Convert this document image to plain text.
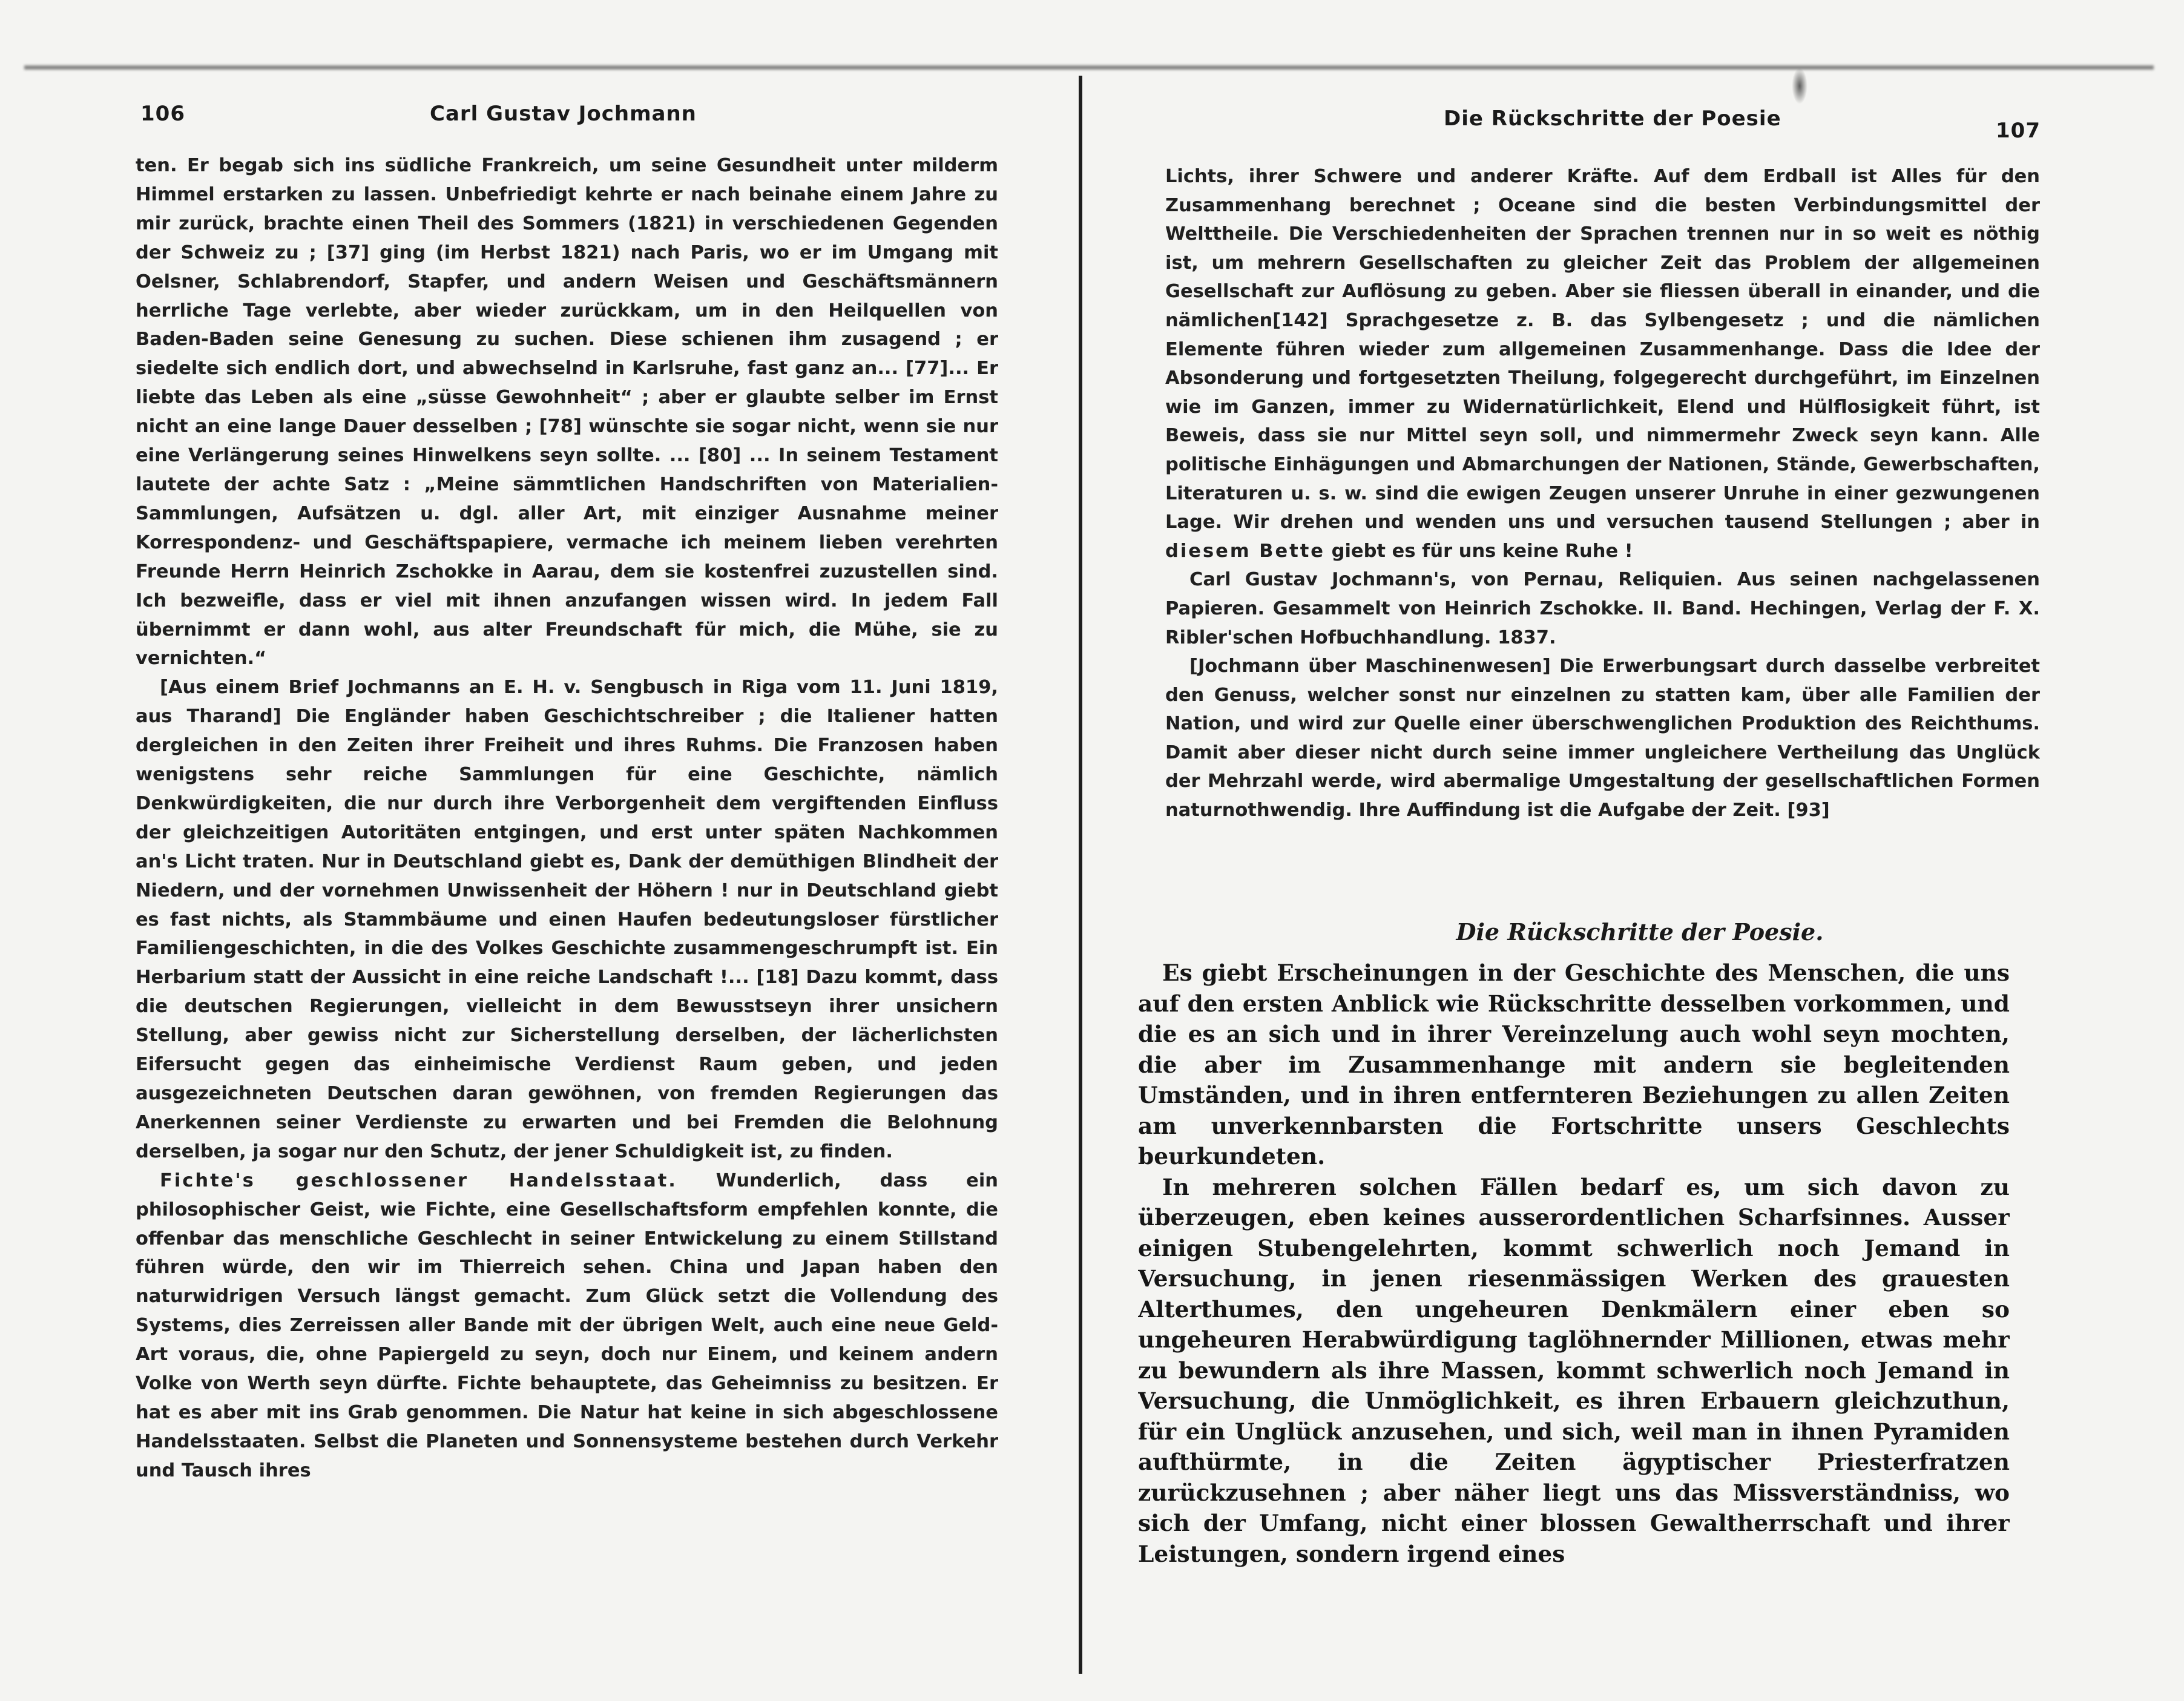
106	Carl Gustav Jochmann

ten. Er begab sich ins südliche Frankreich, um seine Gesundheit unter milderm Himmel erstarken zu lassen. Unbefriedigt kehrte er nach beinahe einem Jahre zu mir zurück, brachte einen Theil des Sommers (1821) in verschiedenen Gegenden der Schweiz zu ; [37] ging (im Herbst 1821) nach Paris, wo er im Umgang mit Oelsner, Schlabrendorf, Stapfer, und andern Weisen und Geschäftsmännern herrliche Tage verlebte, aber wieder zurückkam, um in den Heilquellen von Baden-Baden seine Genesung zu suchen. Diese schienen ihm zusagend ; er siedelte sich endlich dort, und abwechselnd in Karlsruhe, fast ganz an... [77]... Er liebte das Leben als eine „süsse Gewohnheit“ ; aber er glaubte selber im Ernst nicht an eine lange Dauer desselben ; [78] wünschte sie sogar nicht, wenn sie nur eine Verlängerung seines Hinwelkens seyn sollte. ... [80] ... In seinem Testament lautete der achte Satz : „Meine sämmtlichen Handschriften von Materialien-Sammlungen, Aufsätzen u. dgl. aller Art, mit einziger Ausnahme meiner Korrespondenz- und Geschäftspapiere, vermache ich meinem lieben verehrten Freunde Herrn Heinrich Zschokke in Aarau, dem sie kostenfrei zuzustellen sind. Ich bezweifle, dass er viel mit ihnen anzufangen wissen wird. In jedem Fall übernimmt er dann wohl, aus alter Freundschaft für mich, die Mühe, sie zu vernichten.“

[Aus einem Brief Jochmanns an E. H. v. Sengbusch in Riga vom 11. Juni 1819, aus Tharand] Die Engländer haben Geschichtschreiber ; die Italiener hatten dergleichen in den Zeiten ihrer Freiheit und ihres Ruhms. Die Franzosen haben wenigstens sehr reiche Sammlungen für eine Geschichte, nämlich Denkwürdigkeiten, die nur durch ihre Verborgenheit dem vergiftenden Einfluss der gleichzeitigen Autoritäten entgingen, und erst unter späten Nachkommen an's Licht traten. Nur in Deutschland giebt es, Dank der demüthigen Blindheit der Niedern, und der vornehmen Unwissenheit der Höhern ! nur in Deutschland giebt es fast nichts, als Stammbäume und einen Haufen bedeutungsloser fürstlicher Familiengeschichten, in die des Volkes Geschichte zusammengeschrumpft ist. Ein Herbarium statt der Aussicht in eine reiche Landschaft !... [18] Dazu kommt, dass die deutschen Regierungen, vielleicht in dem Bewusstseyn ihrer unsichern Stellung, aber gewiss nicht zur Sicherstellung derselben, der lächerlichsten Eifersucht gegen das einheimische Verdienst Raum geben, und jeden ausgezeichneten Deutschen daran gewöhnen, von fremden Regierungen das Anerkennen seiner Verdienste zu erwarten und bei Fremden die Belohnung derselben, ja sogar nur den Schutz, der jener Schuldigkeit ist, zu finden.

Fichte's geschlossener Handelsstaat. Wunderlich, dass ein philosophischer Geist, wie Fichte, eine Gesellschaftsform empfehlen konnte, die offenbar das menschliche Geschlecht in seiner Entwickelung zu einem Stillstand führen würde, den wir im Thierreich sehen. China und Japan haben den naturwidrigen Versuch längst gemacht. Zum Glück setzt die Vollendung des Systems, dies Zerreissen aller Bande mit der übrigen Welt, auch eine neue Geld-Art voraus, die, ohne Papiergeld zu seyn, doch nur Einem, und keinem andern Volke von Werth seyn dürfte. Fichte behauptete, das Geheimniss zu besitzen. Er hat es aber mit ins Grab genommen. Die Natur hat keine in sich abgeschlossene Handelsstaaten. Selbst die Planeten und Sonnensysteme bestehen durch Verkehr und Tausch ihres

Die Rückschritte der Poesie	107

Lichts, ihrer Schwere und anderer Kräfte. Auf dem Erdball ist Alles für den Zusammenhang berechnet ; Oceane sind die besten Verbindungsmittel der Welttheile. Die Verschiedenheiten der Sprachen trennen nur in so weit es nöthig ist, um mehrern Gesellschaften zu gleicher Zeit das Problem der allgemeinen Gesellschaft zur Auflösung zu geben. Aber sie fliessen überall in einander, und die nämlichen[142] Sprachgesetze z. B. das Sylbengesetz ; und die nämlichen Elemente führen wieder zum allgemeinen Zusammenhange. Dass die Idee der Absonderung und fortgesetzten Theilung, folgegerecht durchgeführt, im Einzelnen wie im Ganzen, immer zu Widernatürlichkeit, Elend und Hülflosigkeit führt, ist Beweis, dass sie nur Mittel seyn soll, und nimmermehr Zweck seyn kann. Alle politische Einhägungen und Abmarchungen der Nationen, Stände, Gewerbschaften, Literaturen u. s. w. sind die ewigen Zeugen unserer Unruhe in einer gezwungenen Lage. Wir drehen und wenden uns und versuchen tausend Stellungen ; aber in diesem Bette giebt es für uns keine Ruhe !

Carl Gustav Jochmann's, von Pernau, Reliquien. Aus seinen nachgelassenen Papieren. Gesammelt von Heinrich Zschokke. II. Band. Hechingen, Verlag der F. X. Ribler'schen Hofbuchhandlung. 1837.

[Jochmann über Maschinenwesen] Die Erwerbungsart durch dasselbe verbreitet den Genuss, welcher sonst nur einzelnen zu statten kam, über alle Familien der Nation, und wird zur Quelle einer überschwenglichen Produktion des Reichthums. Damit aber dieser nicht durch seine immer ungleichere Vertheilung das Unglück der Mehrzahl werde, wird abermalige Umgestaltung der gesellschaftlichen Formen naturnothwendig. Ihre Auffindung ist die Aufgabe der Zeit. [93]

Die Rückschritte der Poesie.

Es giebt Erscheinungen in der Geschichte des Menschen, die uns auf den ersten Anblick wie Rückschritte desselben vorkommen, und die es an sich und in ihrer Vereinzelung auch wohl seyn mochten, die aber im Zusammenhange mit andern sie begleitenden Umständen, und in ihren entfernteren Beziehungen zu allen Zeiten am unverkennbarsten die Fortschritte unsers Geschlechts beurkundeten.

In mehreren solchen Fällen bedarf es, um sich davon zu überzeugen, eben keines ausserordentlichen Scharfsinnes. Ausser einigen Stubengelehrten, kommt schwerlich noch Jemand in Versuchung, in jenen riesenmässigen Werken des grauesten Alterthumes, den ungeheuren Denkmälern einer eben so ungeheuren Herabwürdigung taglöhnernder Millionen, etwas mehr zu bewundern als ihre Massen, kommt schwerlich noch Jemand in Versuchung, die Unmöglichkeit, es ihren Erbauern gleichzuthun, für ein Unglück anzusehen, und sich, weil man in ihnen Pyramiden aufthürmte, in die Zeiten ägyptischer Priesterfratzen zurückzusehnen ; aber näher liegt uns das Missverständniss, wo sich der Umfang, nicht einer blossen Gewaltherrschaft und ihrer Leistungen, sondern irgend eines
